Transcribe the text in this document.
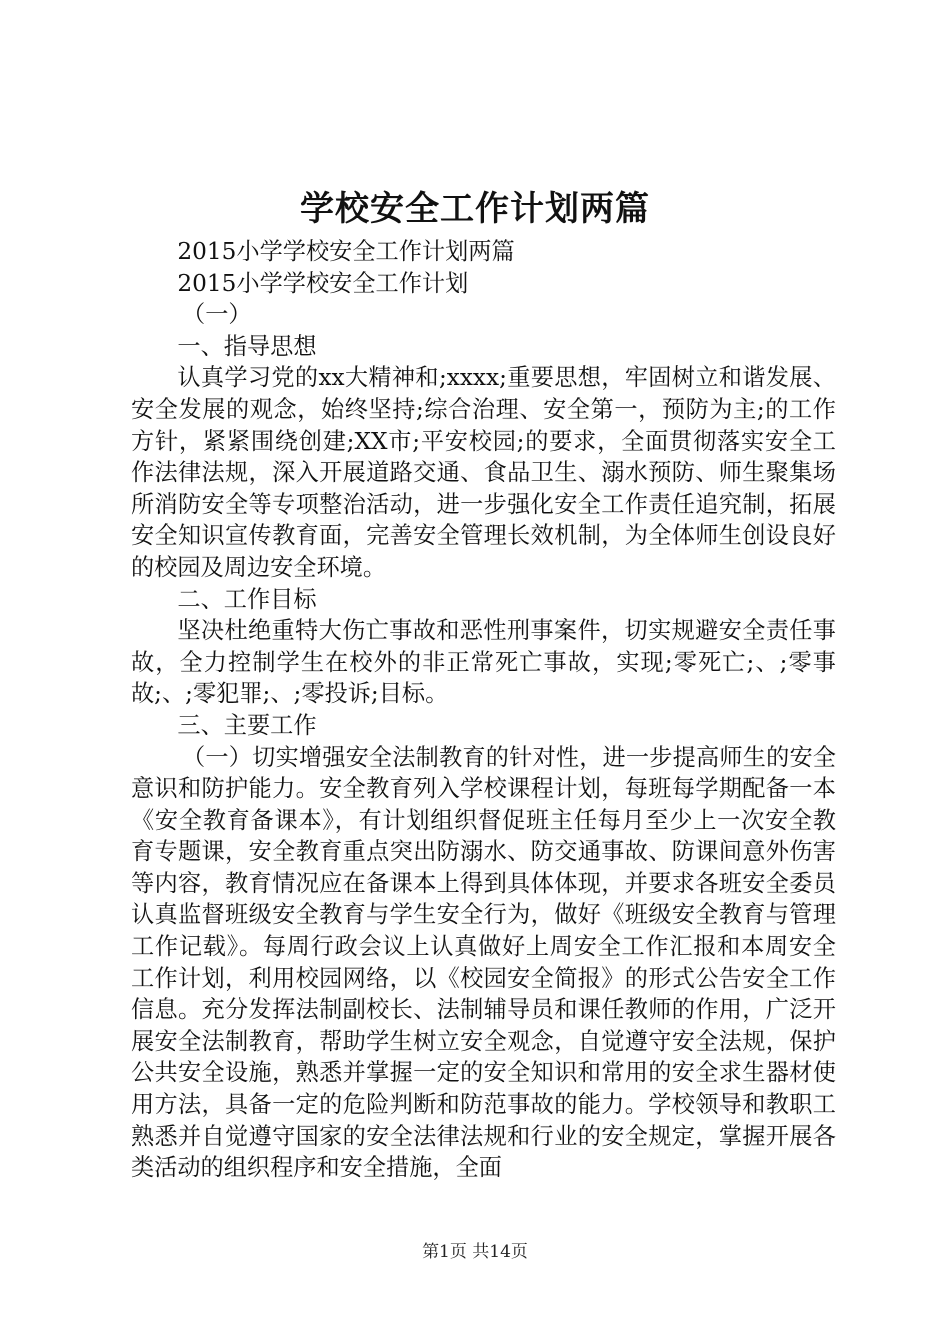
学校安全工作计划两篇

2015小学学校安全工作计划两篇

2015小学学校安全工作计划

（一）

一、指导思想

认真学习党的xx大精神和;xxxx;重要思想，牢固树立和谐发展、安全发展的观念，始终坚持;综合治理、安全第一，预防为主;的工作方针，紧紧围绕创建;XX市;平安校园;的要求，全面贯彻落实安全工作法律法规，深入开展道路交通、食品卫生、溺水预防、师生聚集场所消防安全等专项整治活动，进一步强化安全工作责任追究制，拓展安全知识宣传教育面，完善安全管理长效机制，为全体师生创设良好的校园及周边安全环境。

二、工作目标

坚决杜绝重特大伤亡事故和恶性刑事案件，切实规避安全责任事故，全力控制学生在校外的非正常死亡事故，实现;零死亡;、;零事故;、;零犯罪;、;零投诉;目标。

三、主要工作

（一）切实增强安全法制教育的针对性，进一步提高师生的安全意识和防护能力。安全教育列入学校课程计划，每班每学期配备一本《安全教育备课本》，有计划组织督促班主任每月至少上一次安全教育专题课，安全教育重点突出防溺水、防交通事故、防课间意外伤害等内容，教育情况应在备课本上得到具体体现，并要求各班安全委员认真监督班级安全教育与学生安全行为，做好《班级安全教育与管理工作记载》。每周行政会议上认真做好上周安全工作汇报和本周安全工作计划，利用校园网络，以《校园安全简报》的形式公告安全工作信息。充分发挥法制副校长、法制辅导员和课任教师的作用，广泛开展安全法制教育，帮助学生树立安全观念，自觉遵守安全法规，保护公共安全设施，熟悉并掌握一定的安全知识和常用的安全求生器材使用方法，具备一定的危险判断和防范事故的能力。学校领导和教职工熟悉并自觉遵守国家的安全法律法规和行业的安全规定，掌握开展各类活动的组织程序和安全措施，全面

第1页 共14页
